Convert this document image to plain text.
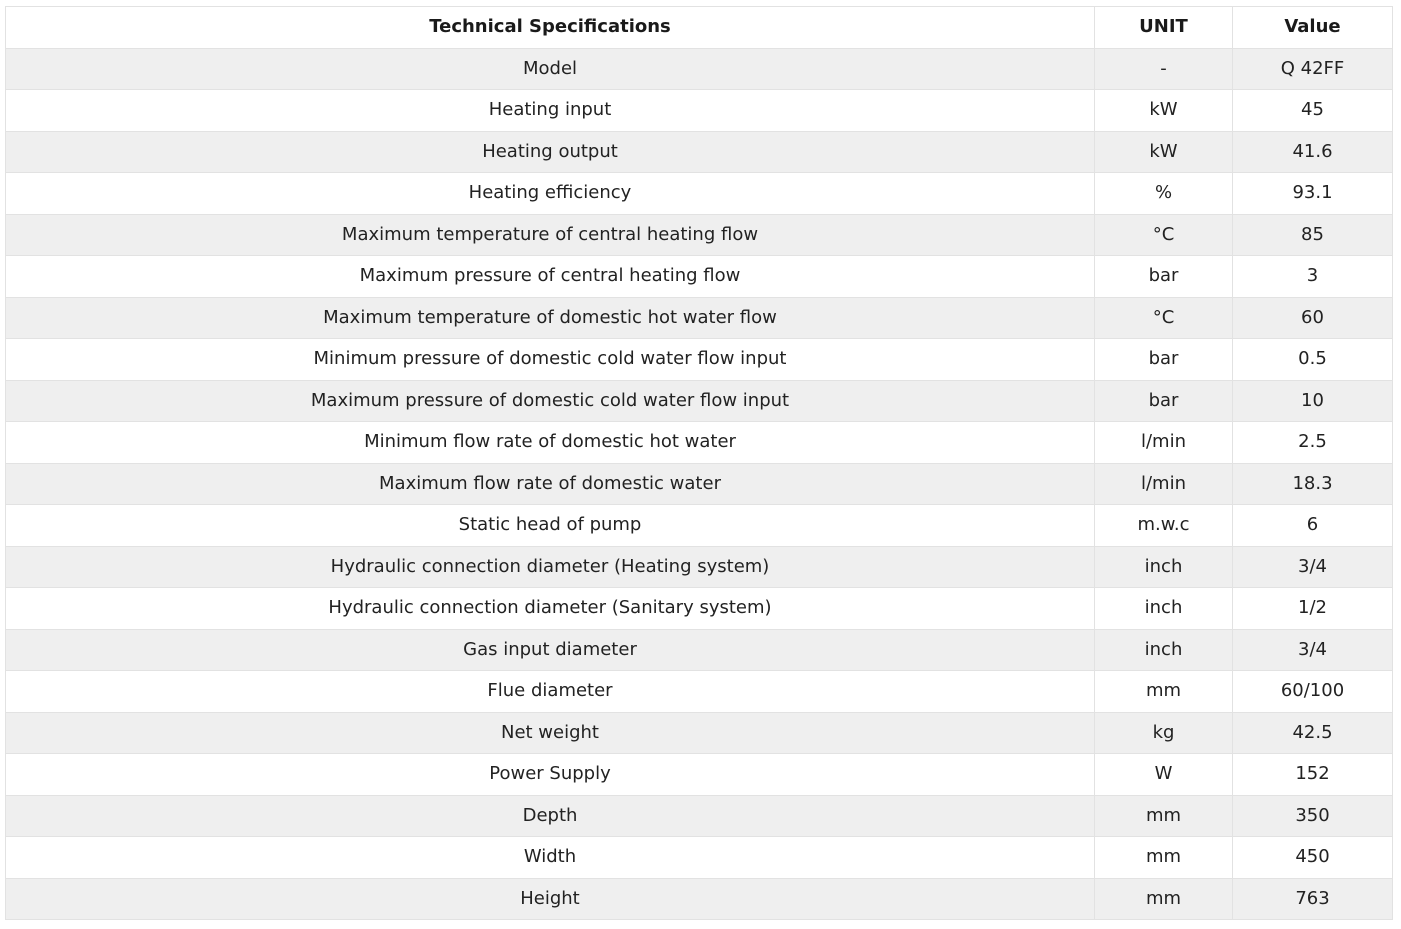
Technical Specifications	UNIT	Value
Model	-	Q 42FF
Heating input	kW	45
Heating output	kW	41.6
Heating efficiency	%	93.1
Maximum temperature of central heating flow	°C	85
Maximum pressure of central heating flow	bar	3
Maximum temperature of domestic hot water flow	°C	60
Minimum pressure of domestic cold water flow input	bar	0.5
Maximum pressure of domestic cold water flow input	bar	10
Minimum flow rate of domestic hot water	l/min	2.5
Maximum flow rate of domestic water	l/min	18.3
Static head of pump	m.w.c	6
Hydraulic connection diameter (Heating system)	inch	3/4
Hydraulic connection diameter (Sanitary system)	inch	1/2
Gas input diameter	inch	3/4
Flue diameter	mm	60/100
Net weight	kg	42.5
Power Supply	W	152
Depth	mm	350
Width	mm	450
Height	mm	763
